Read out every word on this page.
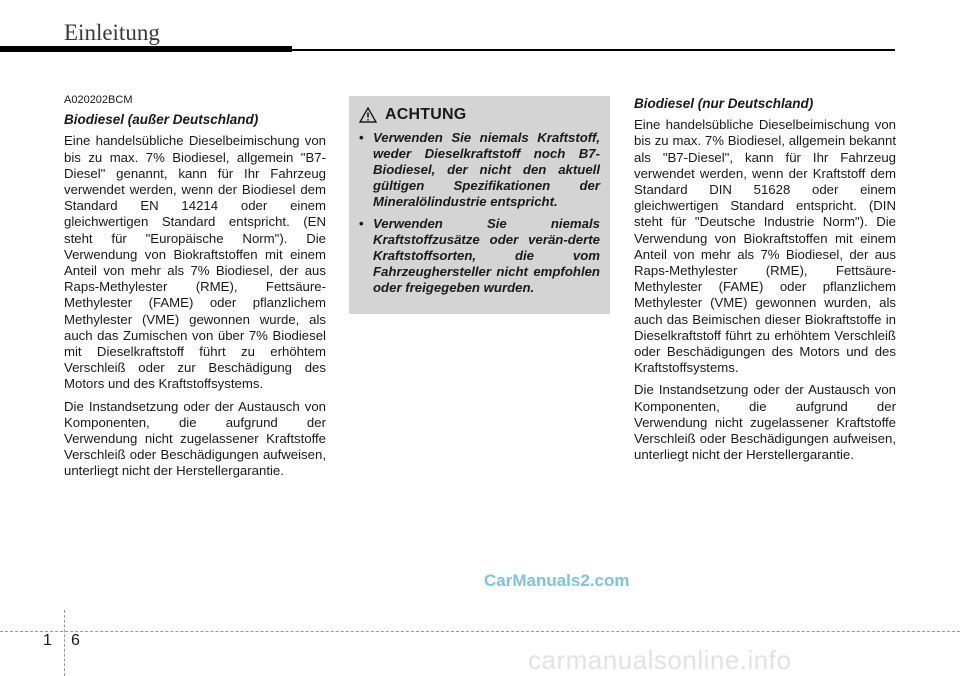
Einleitung
A020202BCM
Biodiesel (außer Deutschland)

Eine handelsübliche Dieselbeimischung von bis zu max. 7% Biodiesel, allgemein "B7-Diesel" genannt, kann für Ihr Fahrzeug verwendet werden, wenn der Biodiesel dem Standard EN 14214 oder einem gleichwertigen Standard entspricht. (EN steht für "Europäische Norm"). Die Verwendung von Biokraftstoffen mit einem Anteil von mehr als 7% Biodiesel, der aus Raps-Methylester (RME), Fettsäure-Methylester (FAME) oder pflanzlichem Methylester (VME) gewonnen wurde, als auch das Zumischen von über 7% Biodiesel mit Dieselkraftstoff führt zu erhöhtem Verschleiß oder zur Beschädigung des Motors und des Kraftstoffsystems.

Die Instandsetzung oder der Austausch von Komponenten, die aufgrund der Verwendung nicht zugelassener Kraftstoffe Verschleiß oder Beschädigungen aufweisen, unterliegt nicht der Herstellergarantie.

ACHTUNG
• Verwenden Sie niemals Kraftstoff, weder Dieselkraftstoff noch B7-Biodiesel, der nicht den aktuell gültigen Spezifikationen der Mineralölindustrie entspricht.
• Verwenden Sie niemals Kraftstoffzusätze oder verän-derte Kraftstoffsorten, die vom Fahrzeughersteller nicht empfohlen oder freigegeben wurden.
Biodiesel (nur Deutschland)

Eine handelsübliche Dieselbeimischung von bis zu max. 7% Biodiesel, allgemein bekannt als "B7-Diesel", kann für Ihr Fahrzeug verwendet werden, wenn der Kraftstoff dem Standard DIN 51628 oder einem gleichwertigen Standard entspricht. (DIN steht für "Deutsche Industrie Norm"). Die Verwendung von Biokraftstoffen mit einem Anteil von mehr als 7% Biodiesel, der aus Raps-Methylester (RME), Fettsäure-Methylester (FAME) oder pflanzlichem Methylester (VME) gewonnen wurden, als auch das Beimischen dieser Biokraftstoffe in Dieselkraftstoff führt zu erhöhtem Verschleiß oder Beschädigungen des Motors und des Kraftstoffsystems.

Die Instandsetzung oder der Austausch von Komponenten, die aufgrund der Verwendung nicht zugelassener Kraftstoffe Verschleiß oder Beschädigungen aufweisen, unterliegt nicht der Herstellergarantie.

CarManuals2.com
1 6
carmanualsonline.info
